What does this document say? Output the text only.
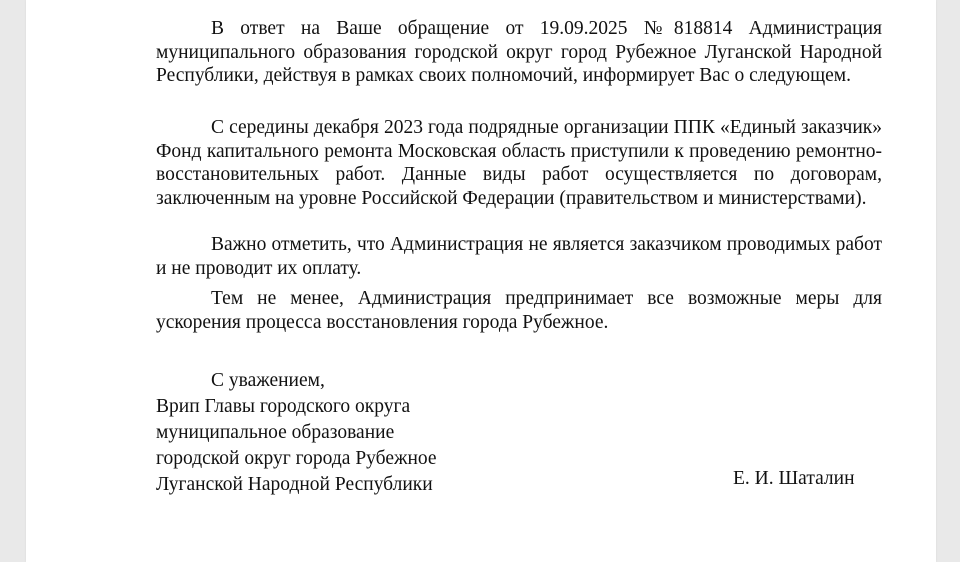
В ответ на Ваше обращение от 19.09.2025 №818814 Администрация муниципального образования городской округ город Рубежное Луганской Народной Республики, действуя в рамках своих полномочий, информирует Вас о следующем.

С середины декабря 2023 года подрядные организации ППК «Единый заказчик» Фонд капитального ремонта Московская область приступили к проведению ремонтно-восстановительных работ. Данные виды работ осуществляется по договорам, заключенным на уровне Российской Федерации (правительством и министерствами).

Важно отметить, что Администрация не является заказчиком проводимых работ и не проводит их оплату.

Тем не менее, Администрация предпринимает все возможные меры для ускорения процесса восстановления города Рубежное.

С уважением,
Врип Главы городского округа
муниципальное образование
городской округ города Рубежное
Луганской Народной Республики	Е. И. Шаталин
